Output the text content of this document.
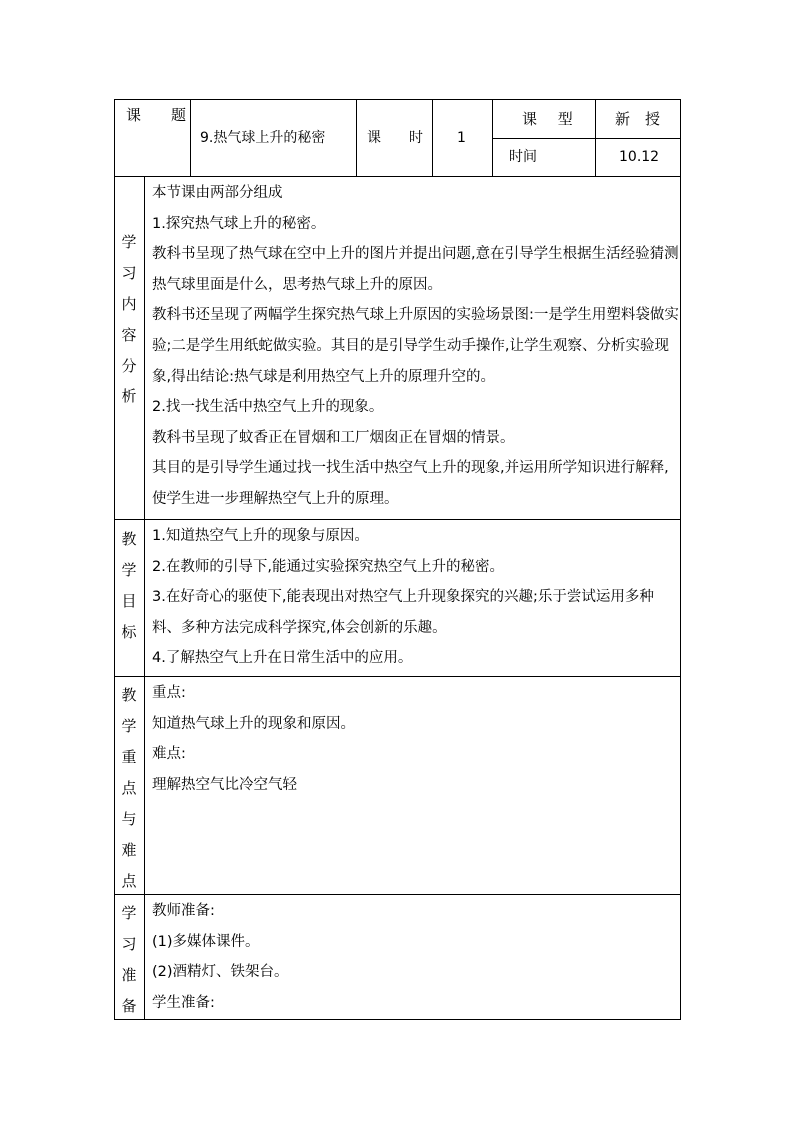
课　　题
9.热气球上升的秘密	课　　时 1
课 型 新　授
时间	10.12
学
习
内
容
分
析

本节课由两部分组成

1.探究热气球上升的秘密。

教科书呈现了热气球在空中上升的图片并提出问题,意在引导学生根据生活经验猜测热气球里面是什么，思考热气球上升的原因。

教科书还呈现了两幅学生探究热气球上升原因的实验场景图:一是学生用塑料袋做实验;二是学生用纸蛇做实验。其目的是引导学生动手操作,让学生观察、分析实验现象,得出结论:热气球是利用热空气上升的原理升空的。

2.找一找生活中热空气上升的现象。

教科书呈现了蚊香正在冒烟和工厂烟囱正在冒烟的情景。

其目的是引导学生通过找一找生活中热空气上升的现象,并运用所学知识进行解释,使学生进一步理解热空气上升的原理。

教
学
目
标

1.知道热空气上升的现象与原因。

2.在教师的引导下,能通过实验探究热空气上升的秘密。

3.在好奇心的驱使下,能表现出对热空气上升现象探究的兴趣;乐于尝试运用多种料、多种方法完成科学探究,体会创新的乐趣。

4.了解热空气上升在日常生活中的应用。

教
学
重
点
与
难
点

重点:

知道热气球上升的现象和原因。

难点:

理解热空气比冷空气轻

学
习
准
备

教师准备:

(1)多媒体课件。

(2)酒精灯、铁架台。

学生准备:
